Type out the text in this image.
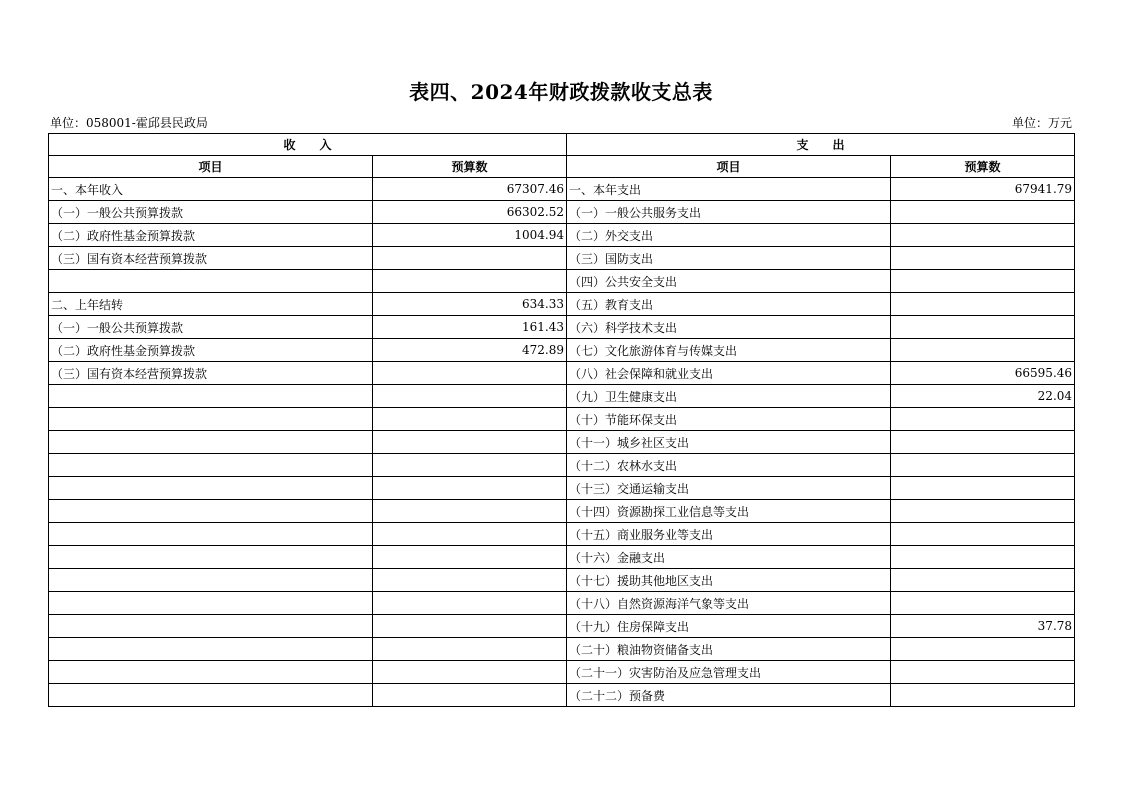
表四、2024年财政拨款收支总表
单位：058001-霍邱县民政局	单位：万元
收　　入		支　　出	
项目	预算数	项目	预算数
一、本年收入	67307.46	一、本年支出	67941.79
（一）一般公共预算拨款	66302.52	（一）一般公共服务支出	
（二）政府性基金预算拨款	1004.94	（二）外交支出	
（三）国有资本经营预算拨款		（三）国防支出	
		（四）公共安全支出	
二、上年结转	634.33	（五）教育支出	
（一）一般公共预算拨款	161.43	（六）科学技术支出	
（二）政府性基金预算拨款	472.89	（七）文化旅游体育与传媒支出	
（三）国有资本经营预算拨款		（八）社会保障和就业支出	66595.46
		（九）卫生健康支出	22.04
		（十）节能环保支出	
		（十一）城乡社区支出	
		（十二）农林水支出	
		（十三）交通运输支出	
		（十四）资源勘探工业信息等支出	
		（十五）商业服务业等支出	
		（十六）金融支出	
		（十七）援助其他地区支出	
		（十八）自然资源海洋气象等支出	
		（十九）住房保障支出	37.78
		（二十）粮油物资储备支出	
		（二十一）灾害防治及应急管理支出	
		（二十二）预备费	
